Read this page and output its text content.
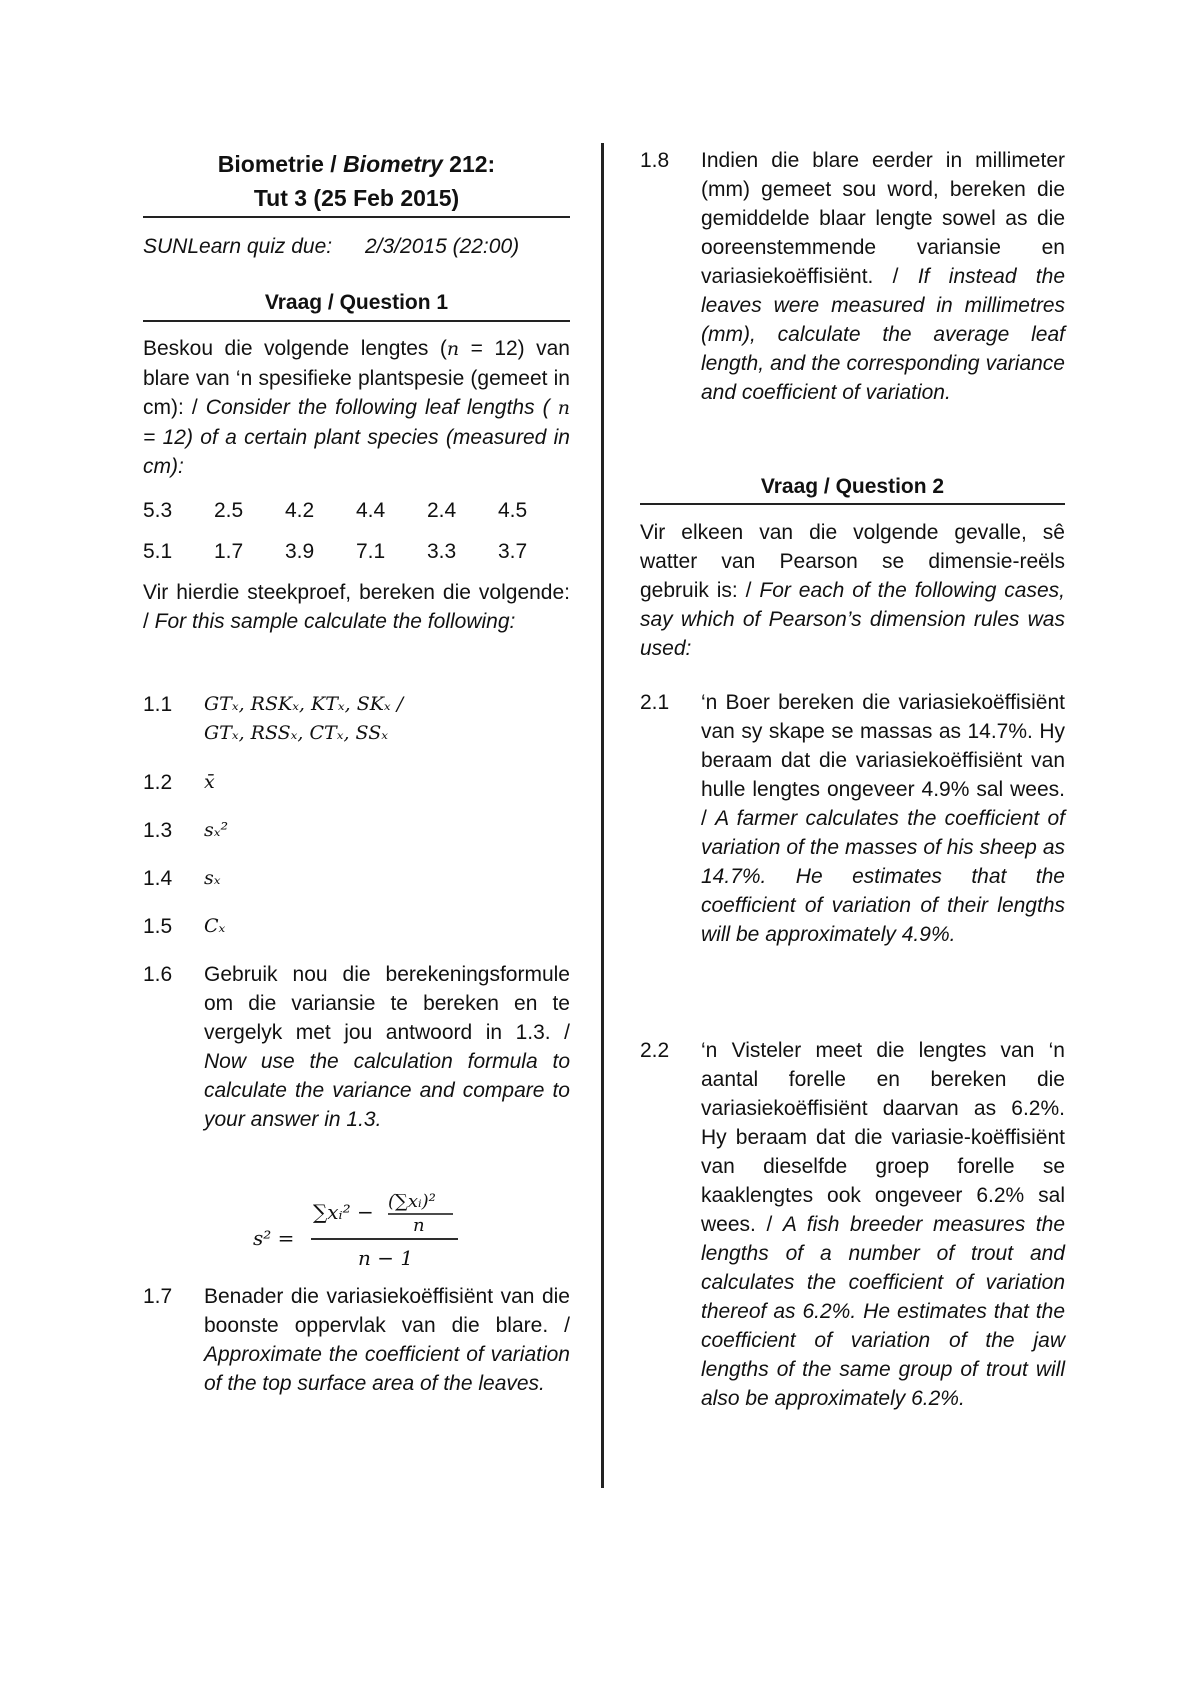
Biometrie / Biometry 212:
Tut 3 (25 Feb 2015)
SUNLearn quiz due:	2/3/2015 (22:00)
Vraag / Question 1
Beskou die volgende lengtes (n = 12) van blare van ‘n spesifieke plantspesie (gemeet in cm): / Consider the following leaf lengths ( n = 12) of a certain plant species (measured in cm):
5.3	2.5	4.2	4.4	2.4	4.5
5.1	1.7	3.9	7.1	3.3	3.7
Vir hierdie steekproef, bereken die volgende: / For this sample calculate the following:
1.1	GTₓ, RSKₓ, KTₓ, SKₓ /
GTₓ, RSSₓ, CTₓ, SSₓ
1.2	x̄
1.3	sₓ²
1.4	sₓ
1.5	Cₓ
1.6	Gebruik nou die berekeningsformule om die variansie te bereken en te vergelyk met jou antwoord in 1.3. / Now use the calculation formula to calculate the variance and compare to your answer in 1.3.
s² =
∑xᵢ² − (∑xᵢ)²
n
n − 1
1.7	Benader die variasiekoëffisiënt van die boonste oppervlak van die blare. / Approximate the coefficient of variation of the top surface area of the leaves.
1.8	Indien die blare eerder in millimeter (mm) gemeet sou word, bereken die gemiddelde blaar lengte sowel as die ooreenstemmende variansie en variasiekoëffisiënt. / If instead the leaves were measured in millimetres (mm), calculate the average leaf length, and the corresponding variance and coefficient of variation.
Vraag / Question 2
Vir elkeen van die volgende gevalle, sê watter van Pearson se dimensie-reëls gebruik is: / For each of the following cases, say which of Pearson’s dimension rules was used:
2.1	‘n Boer bereken die variasiekoëffisiënt van sy skape se massas as 14.7%. Hy beraam dat die variasiekoëffisiënt van hulle lengtes ongeveer 4.9% sal wees. / A farmer calculates the coefficient of variation of the masses of his sheep as 14.7%. He estimates that the coefficient of variation of their lengths will be approximately 4.9%.
2.2	‘n Visteler meet die lengtes van ‘n aantal forelle en bereken die variasiekoëffisiënt daarvan as 6.2%. Hy beraam dat die variasie-koëffisiënt van dieselfde groep forelle se kaaklengtes ook ongeveer 6.2% sal wees. / A fish breeder measures the lengths of a number of trout and calculates the coefficient of variation thereof as 6.2%. He estimates that the coefficient of variation of the jaw lengths of the same group of trout will also be approximately 6.2%.
